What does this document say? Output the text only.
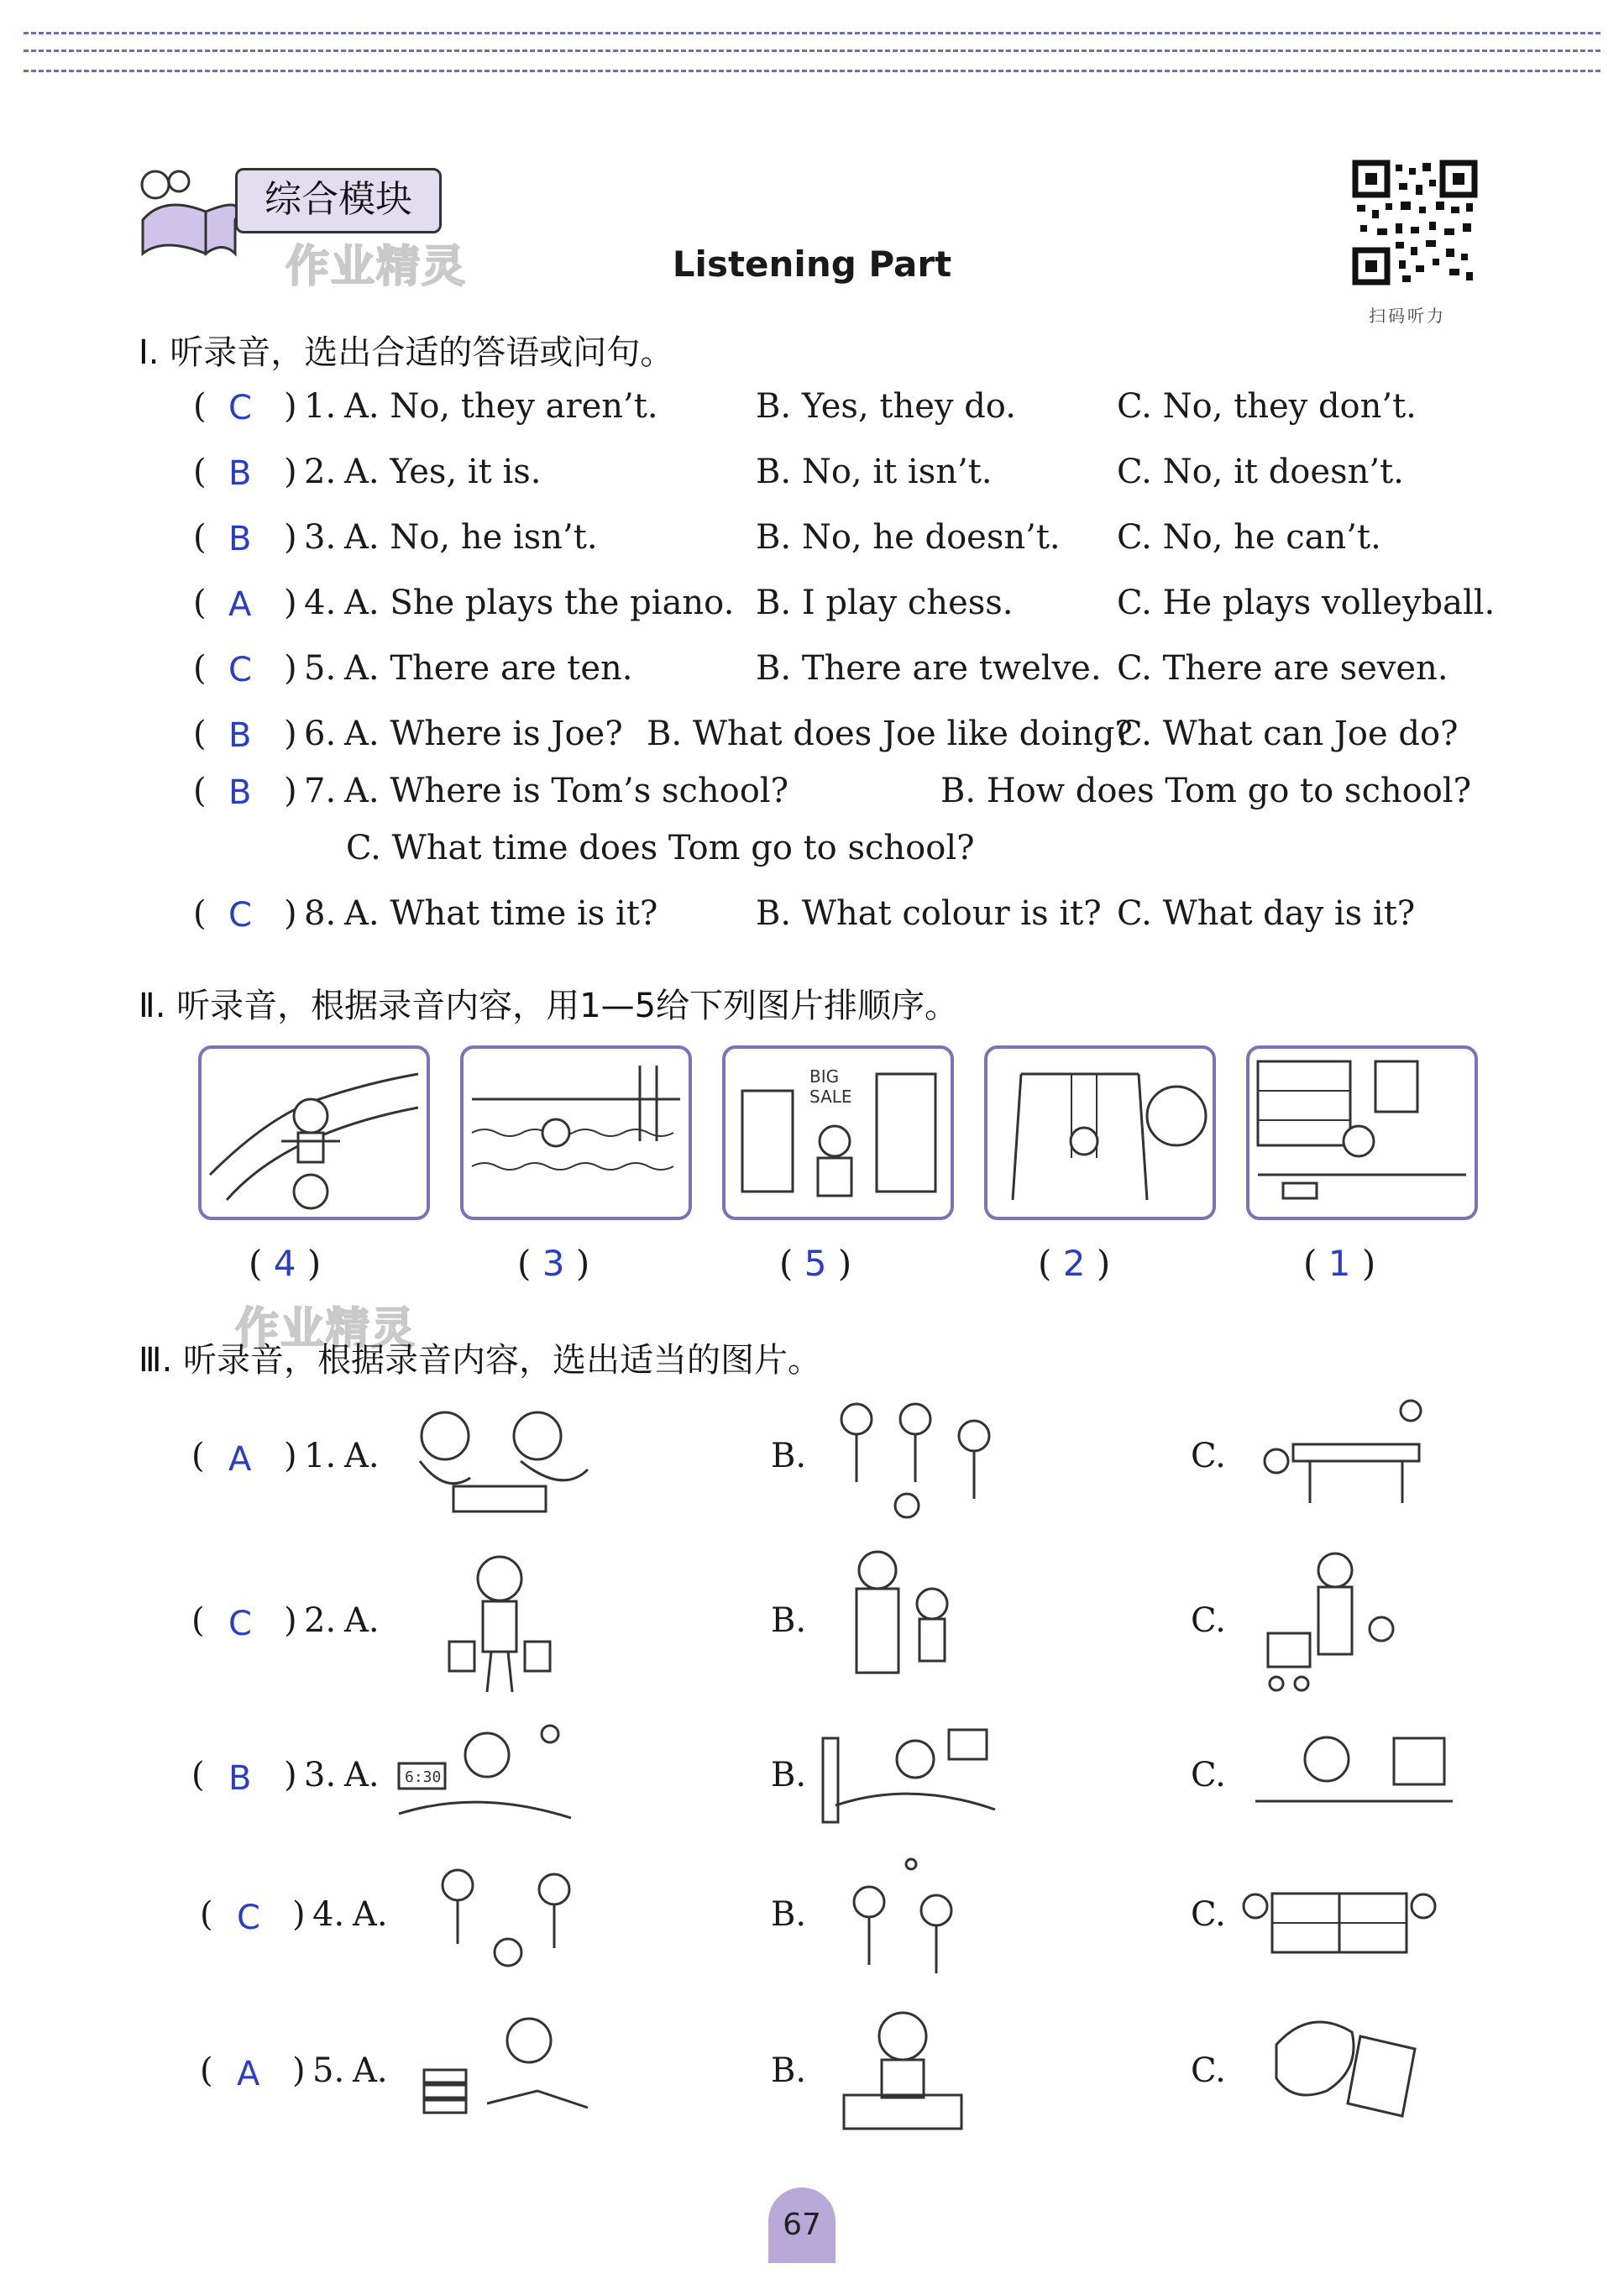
综合模块
作业精灵	Listening Part
扫码听力
Ⅰ. 听录音，选出合适的答语或问句。
( C ) 1. A. No, they aren’t.	B. Yes, they do.	C. No, they don’t.
( B ) 2. A. Yes, it is.	B. No, it isn’t.	C. No, it doesn’t.
( B ) 3. A. No, he isn’t.	B. No, he doesn’t. C. No, he can’t.
( A ) 4. A. She plays the piano. B. I play chess.	C. He plays volleyball.
( C ) 5. A. There are ten.	B. There are twelve. C. There are seven.
( B ) 6. A. Where is Joe? B. What does Joe like doing?
C. What can Joe do?
( B ) 7. A. Where is Tom’s school?	B. How does Tom go to school?
C. What time does Tom go to school?
( C ) 8. A. What time is it?	B. What colour is it? C. What day is it?
Ⅱ. 听录音，根据录音内容，用1—5给下列图片排顺序。
BIG
SALE
( 4 )	( 3 )	( 5 )	( 2 )	( 1 )
作业精灵
Ⅲ. 听录音，根据录音内容，选出适当的图片。
( A ) 1. A.	B.	C.
( C ) 2. A.	B.	C.
( B ) 3. A. 6:30	B.	C.
( C ) 4. A.	B.	C.
( A ) 5. A.	B.	C.
67
